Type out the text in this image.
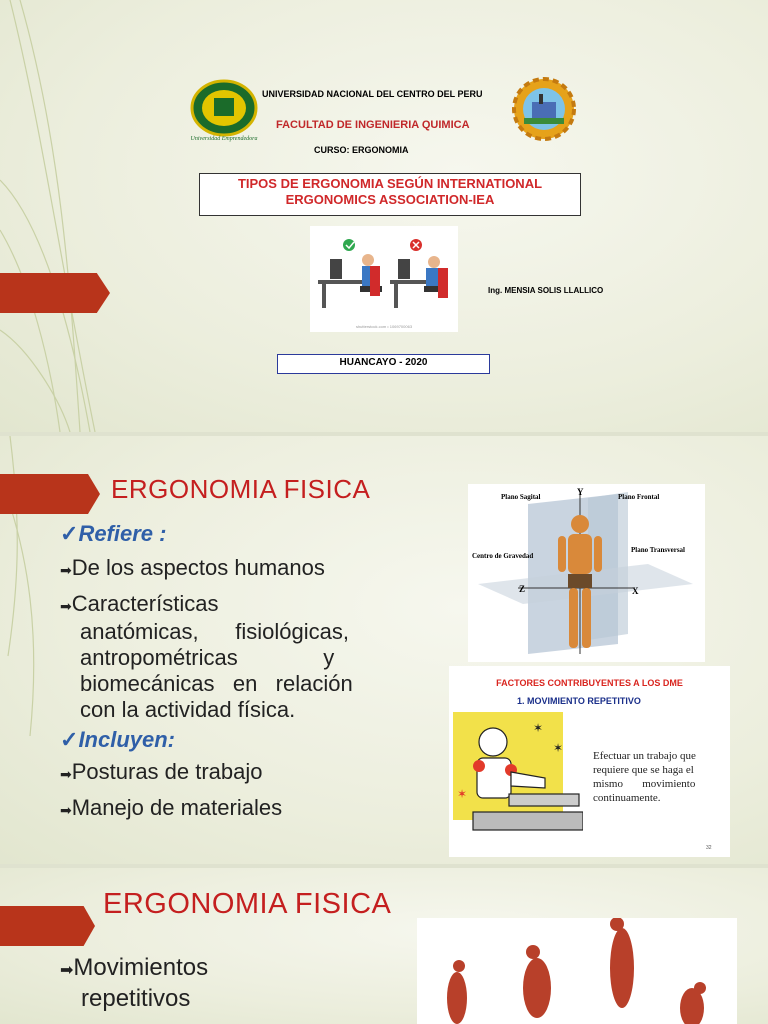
Universidad Emprendedora
UNIVERSIDAD NACIONAL DEL CENTRO DEL PERU
FACULTAD DE INGENIERIA QUIMICA
CURSO: ERGONOMIA
TIPOS DE ERGONOMIA SEGÚN INTERNATIONAL
ERGONOMICS ASSOCIATION-IEA
shutterstock.com • 1069700063
Ing. MENSIA SOLIS LLALLICO
HUANCAYO - 2020
ERGONOMIA FISICA
✓Refiere :
➡De los aspectos humanos
➡Características
anatómicas,      fisiológicas,
antropométricas              y
biomecánicas   en   relación
con la actividad física.
✓Incluyen:
➡Posturas de trabajo
➡Manejo de materiales
Plano Sagital	Plano Frontal
Y
Centro de Gravedad
Plano Transversal
Z	X
FACTORES CONTRIBUYENTES A LOS DME
1. MOVIMIENTO REPETITIVO
✶
✶
✶
Efectuar un trabajo que
requiere que se haga el
mismo       movimiento
continuamente.
32
ERGONOMIA FISICA
➡Movimientos
repetitivos
